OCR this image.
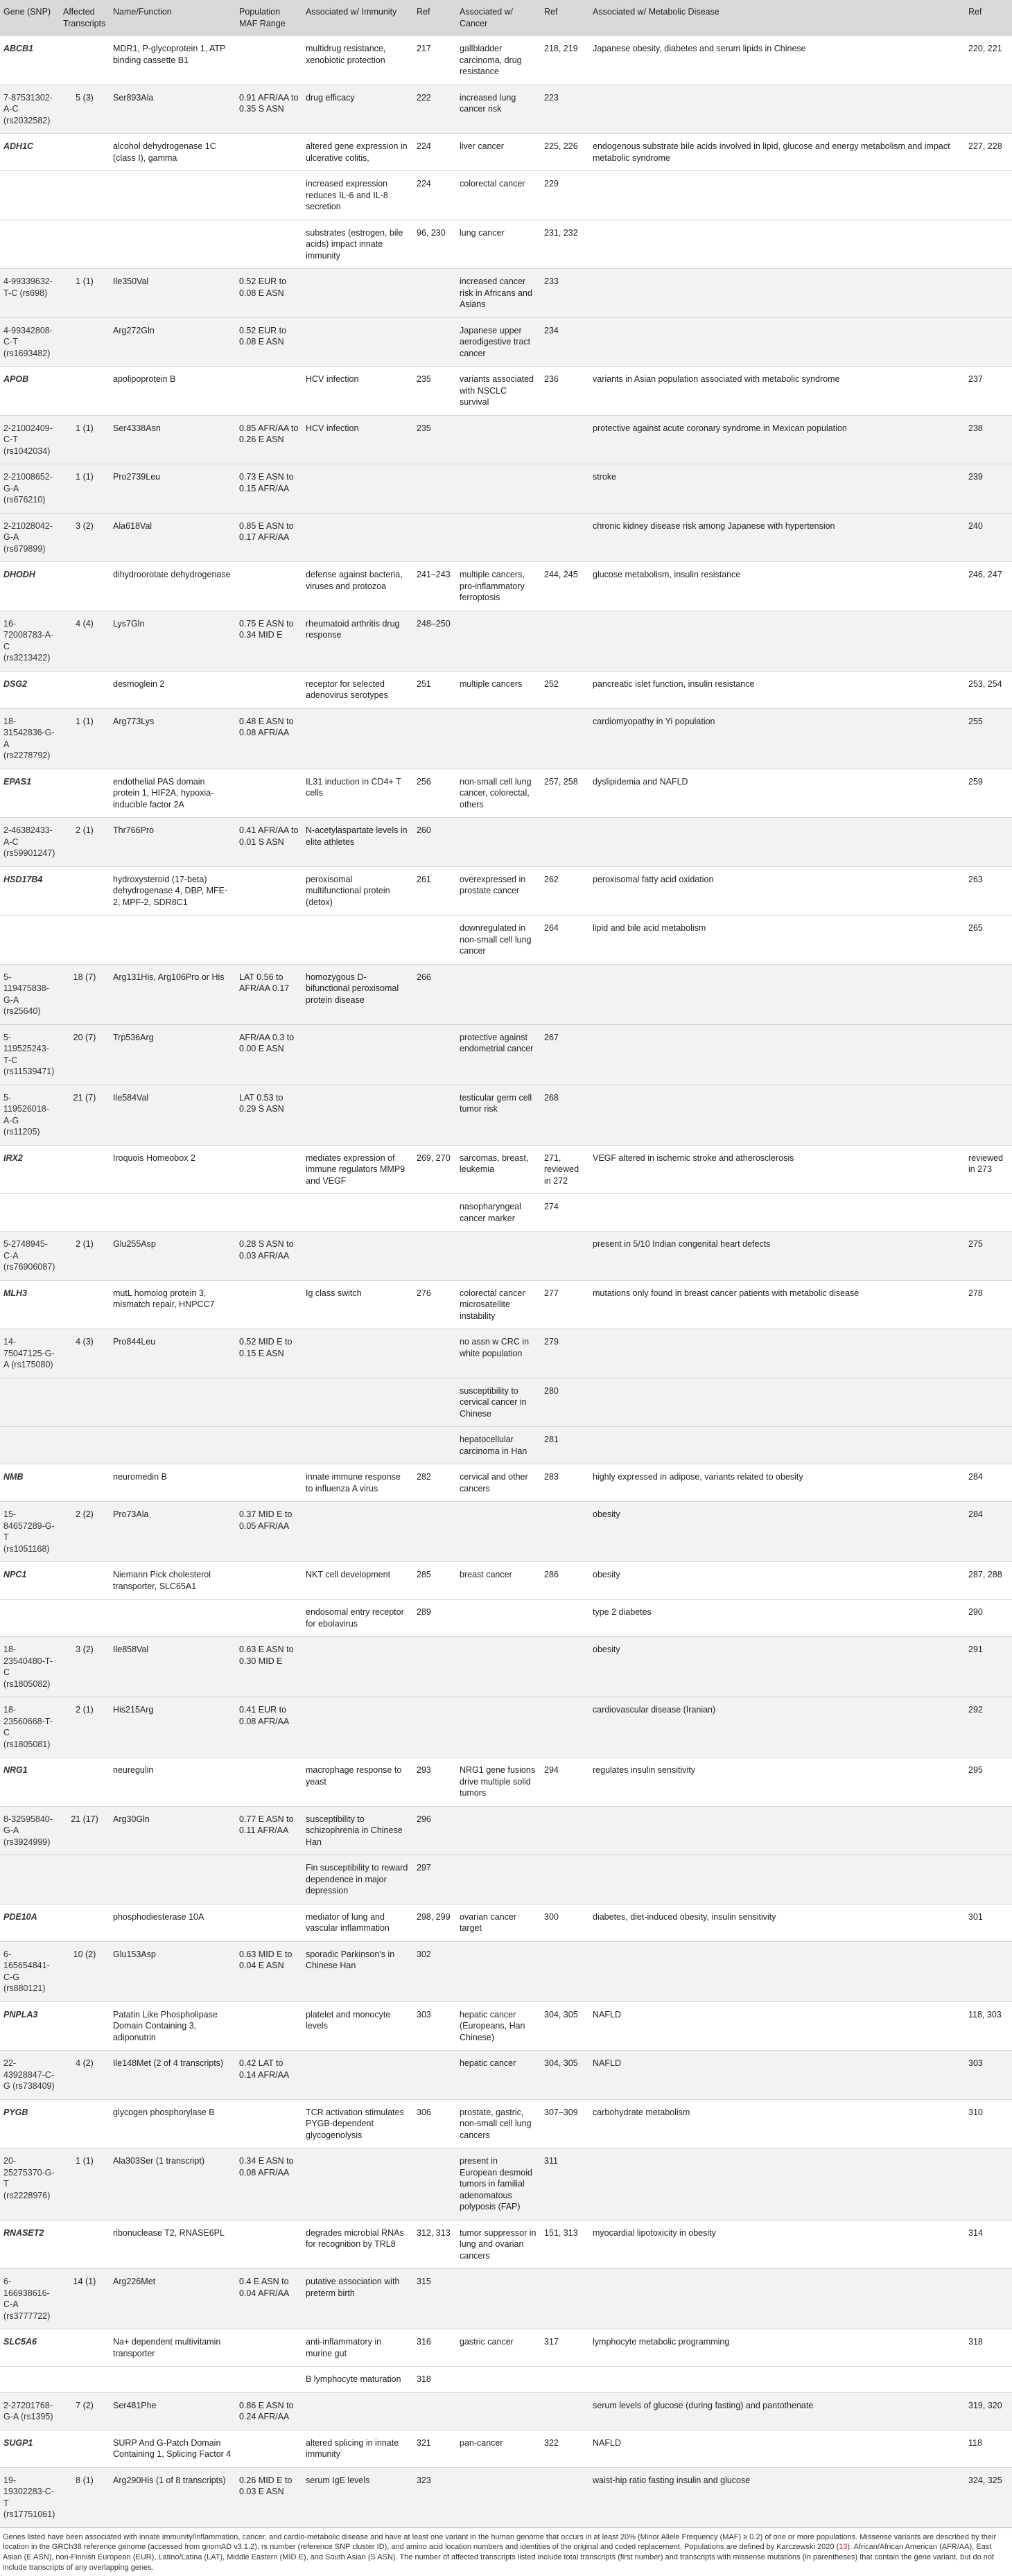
Gene (SNP)	Affected Transcripts	Name/Function	Population MAF Range	Associated w/ Immunity	Ref	Associated w/ Cancer	Ref	Associated w/ Metabolic Disease	Ref
ABCB1		MDR1, P-glycoprotein 1, ATP binding cassette B1		multidrug resistance, xenobiotic protection	217	gallbladder carcinoma, drug resistance	218, 219	Japanese obesity, diabetes and serum lipids in Chinese	220, 221
7-87531302-A-C (rs2032582)	5 (3)	Ser893Ala	0.91 AFR/AA to 0.35 S ASN	drug efficacy	222	increased lung cancer risk	223		
ADH1C		alcohol dehydrogenase 1C (class I), gamma		altered gene expression in ulcerative colitis,	224	liver cancer	225, 226	endogenous substrate bile acids involved in lipid, glucose and energy metabolism and impact metabolic syndrome	227, 228
				increased expression reduces IL-6 and IL-8 secretion	224	colorectal cancer	229		
				substrates (estrogen, bile acids) impact innate immunity	96, 230	lung cancer	231, 232		
4-99339632-T-C (rs698)	1 (1)	Ile350Val	0.52 EUR to 0.08 E ASN			increased cancer risk in Africans and Asians	233		
4-99342808-C-T (rs1693482)		Arg272Gln	0.52 EUR to 0.08 E ASN			Japanese upper aerodigestive tract cancer	234		
APOB		apolipoprotein B		HCV infection	235	variants associated with NSCLC survival	236	variants in Asian population associated with metabolic syndrome	237
2-21002409-C-T (rs1042034)	1 (1)	Ser4338Asn	0.85 AFR/AA to 0.26 E ASN	HCV infection	235			protective against acute coronary syndrome in Mexican population	238
2-21008652-G-A (rs676210)	1 (1)	Pro2739Leu	0.73 E ASN to 0.15 AFR/AA					stroke	239
2-21028042-G-A (rs679899)	3 (2)	Ala618Val	0.85 E ASN to 0.17 AFR/AA					chronic kidney disease risk among Japanese with hypertension	240
DHODH		dihydroorotate dehydrogenase		defense against bacteria, viruses and protozoa	241–243	multiple cancers, pro-inflammatory ferroptosis	244, 245	glucose metabolism, insulin resistance	246, 247
16-72008783-A-C (rs3213422)	4 (4)	Lys7Gln	0.75 E ASN to 0.34 MID E	rheumatoid arthritis drug response	248–250				
DSG2		desmoglein 2		receptor for selected adenovirus serotypes	251	multiple cancers	252	pancreatic islet function, insulin resistance	253, 254
18-31542836-G-A (rs2278792)	1 (1)	Arg773Lys	0.48 E ASN to 0.08 AFR/AA					cardiomyopathy in Yi population	255
EPAS1		endothelial PAS domain protein 1, HIF2A, hypoxia-inducible factor 2A		IL31 induction in CD4+ T cells	256	non-small cell lung cancer, colorectal, others	257, 258	dyslipidemia and NAFLD	259
2-46382433-A-C (rs59901247)	2 (1)	Thr766Pro	0.41 AFR/AA to 0.01 S ASN	N-acetylaspartate levels in elite athletes	260				
HSD17B4		hydroxysteroid (17-beta) dehydrogenase 4, DBP, MFE-2, MPF-2, SDR8C1		peroxisomal multifunctional protein (detox)	261	overexpressed in prostate cancer	262	peroxisomal fatty acid oxidation	263
						downregulated in non-small cell lung cancer	264	lipid and bile acid metabolism	265
5-119475838-G-A (rs25640)	18 (7)	Arg131His, Arg106Pro or His	LAT 0.56 to AFR/AA 0.17	homozygous D-bifunctional peroxisomal protein disease	266				
5-119525243-T-C (rs11539471)	20 (7)	Trp536Arg	AFR/AA 0.3 to 0.00 E ASN			protective against endometrial cancer	267		
5-119526018-A-G (rs11205)	21 (7)	Ile584Val	LAT 0.53 to 0.29 S ASN			testicular germ cell tumor risk	268		
IRX2		Iroquois Homeobox 2		mediates expression of immune regulators MMP9 and VEGF	269, 270	sarcomas, breast, leukemia	271, reviewed in 272	VEGF altered in ischemic stroke and atherosclerosis	reviewed in 273
						nasopharyngeal cancer marker	274		
5-2748945-C-A (rs76906087)	2 (1)	Glu255Asp	0.28 S ASN to 0.03 AFR/AA					present in 5/10 Indian congenital heart defects	275
MLH3		mutL homolog protein 3, mismatch repair, HNPCC7		Ig class switch	276	colorectal cancer microsatellite instability	277	mutations only found in breast cancer patients with metabolic disease	278
14-75047125-G-A (rs175080)	4 (3)	Pro844Leu	0.52 MID E to 0.15 E ASN			no assn w CRC in white population	279		
						susceptibility to cervical cancer in Chinese	280		
						hepatocellular carcinoma in Han	281		
NMB		neuromedin B		innate immune response to influenza A virus	282	cervical and other cancers	283	highly expressed in adipose, variants related to obesity	284
15-84657289-G-T (rs1051168)	2 (2)	Pro73Ala	0.37 MID E to 0.05 AFR/AA					obesity	284
NPC1		Niemann Pick cholesterol transporter, SLC65A1		NKT cell development	285	breast cancer	286	obesity	287, 288
				endosomal entry receptor for ebolavirus	289			type 2 diabetes	290
18-23540480-T-C (rs1805082)	3 (2)	Ile858Val	0.63 E ASN to 0.30 MID E					obesity	291
18-23560668-T-C (rs1805081)	2 (1)	His215Arg	0.41 EUR to 0.08 AFR/AA					cardiovascular disease (Iranian)	292
NRG1		neuregulin		macrophage response to yeast	293	NRG1 gene fusions drive multiple solid tumors	294	regulates insulin sensitivity	295
8-32595840-G-A (rs3924999)	21 (17)	Arg30Gln	0.77 E ASN to 0.11 AFR/AA	susceptibility to schizophrenia in Chinese Han	296				
				Fin susceptibility to reward dependence in major depression	297				
PDE10A		phosphodiesterase 10A		mediator of lung and vascular inflammation	298, 299	ovarian cancer target	300	diabetes, diet-induced obesity, insulin sensitivity	301
6-165654841-C-G (rs880121)	10 (2)	Glu153Asp	0.63 MID E to 0.04 E ASN	sporadic Parkinson's in Chinese Han	302				
PNPLA3		Patatin Like Phospholipase Domain Containing 3, adiponutrin		platelet and monocyte levels	303	hepatic cancer (Europeans, Han Chinese)	304, 305	NAFLD	118, 303
22-43928847-C-G (rs738409)	4 (2)	Ile148Met (2 of 4 transcripts)	0.42 LAT to 0.14 AFR/AA			hepatic cancer	304, 305	NAFLD	303
PYGB		glycogen phosphorylase B		TCR activation stimulates PYGB-dependent glycogenolysis	306	prostate, gastric, non-small cell lung cancers	307–309	carbohydrate metabolism	310
20-25275370-G-T (rs2228976)	1 (1)	Ala303Ser (1 transcript)	0.34 E ASN to 0.08 AFR/AA			present in European desmoid tumors in familial adenomatous polyposis (FAP)	311		
RNASET2		ribonuclease T2, RNASE6PL		degrades microbial RNAs for recognition by TRL8	312, 313	tumor suppressor in lung and ovarian cancers	151, 313	myocardial lipotoxicity in obesity	314
6-166938616-C-A (rs3777722)	14 (1)	Arg226Met	0.4 E ASN to 0.04 AFR/AA	putative association with preterm birth	315				
SLC5A6		Na+ dependent multivitamin transporter		anti-inflammatory in murine gut	316	gastric cancer	317	lymphocyte metabolic programming	318
				B lymphocyte maturation	318				
2-27201768-G-A (rs1395)	7 (2)	Ser481Phe	0.86 E ASN to 0.24 AFR/AA					serum levels of glucose (during fasting) and pantothenate	319, 320
SUGP1		SURP And G-Patch Domain Containing 1, Splicing Factor 4		altered splicing in innate immunity	321	pan-cancer	322	NAFLD	118
19-19302283-C-T (rs17751061)	8 (1)	Arg290His (1 of 8 transcripts)	0.26 MID E to 0.03 E ASN	serum IgE levels	323			waist-hip ratio fasting insulin and glucose	324, 325
Genes listed have been associated with innate immunity/inflammation, cancer, and cardio-metabolic disease and have at least one variant in the human genome that occurs in at least 20% (Minor Allele Frequency (MAF) ≥ 0.2) of one or more populations. Missense variants are described by their location in the GRCh38 reference genome (accessed from gnomAD v3.1.2), rs number (reference SNP cluster ID), and amino acid location numbers and identities of the original and coded replacement. Populations are defined by Karczewski 2020 (13): African/African American (AFR/AA), East Asian (E ASN), non-Finnish European (EUR), Latino/Latina (LAT), Middle Eastern (MID E), and South Asian (S ASN). The number of affected transcripts listed include total transcripts (first number) and transcripts with missense mutations (in parentheses) that contain the gene variant, but do not include transcripts of any overlapping genes.
